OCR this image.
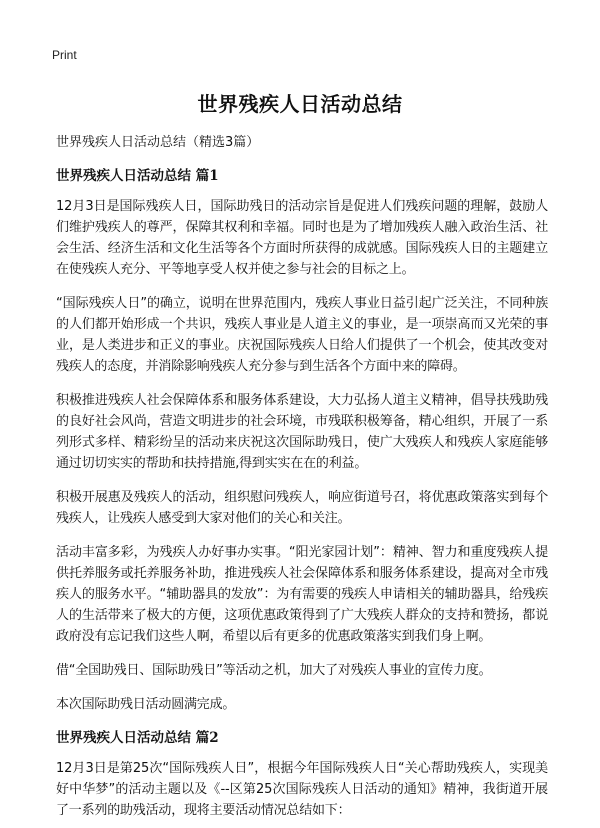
Print
世界残疾人日活动总结
世界残疾人日活动总结（精选3篇）
世界残疾人日活动总结 篇1

12月3日是国际残疾人日，国际助残日的活动宗旨是促进人们残疾问题的理解，鼓励人们维护残疾人的尊严，保障其权利和幸福。同时也是为了增加残疾人融入政治生活、社会生活、经济生活和文化生活等各个方面时所获得的成就感。国际残疾人日的主题建立在使残疾人充分、平等地享受人权并使之参与社会的目标之上。

“国际残疾人日”的确立，说明在世界范围内，残疾人事业日益引起广泛关注，不同种族的人们都开始形成一个共识，残疾人事业是人道主义的事业，是一项崇高而又光荣的事业，是人类进步和正义的事业。庆祝国际残疾人日给人们提供了一个机会，使其改变对残疾人的态度，并消除影响残疾人充分参与到生活各个方面中来的障碍。

积极推进残疾人社会保障体系和服务体系建设，大力弘扬人道主义精神，倡导扶残助残的良好社会风尚，营造文明进步的社会环境，市残联积极筹备，精心组织，开展了一系列形式多样、精彩纷呈的活动来庆祝这次国际助残日，使广大残疾人和残疾人家庭能够通过切切实实的帮助和扶持措施,得到实实在在的利益。

积极开展惠及残疾人的活动，组织慰问残疾人，响应街道号召，将优惠政策落实到每个残疾人，让残疾人感受到大家对他们的关心和关注。

活动丰富多彩，为残疾人办好事办实事。“阳光家园计划”：精神、智力和重度残疾人提供托养服务或托养服务补助，推进残疾人社会保障体系和服务体系建设，提高对全市残疾人的服务水平。“辅助器具的发放”：为有需要的残疾人申请相关的辅助器具，给残疾人的生活带来了极大的方便，这项优惠政策得到了广大残疾人群众的支持和赞扬，都说政府没有忘记我们这些人啊，希望以后有更多的优惠政策落实到我们身上啊。

借“全国助残日、国际助残日”等活动之机，加大了对残疾人事业的宣传力度。

本次国际助残日活动圆满完成。

世界残疾人日活动总结 篇2

12月3日是第25次“国际残疾人日”，根据今年国际残疾人日“关心帮助残疾人，实现美好中华梦”的活动主题以及《--区第25次国际残疾人日活动的通知》精神，我街道开展了一系列的助残活动，现将主要活动情况总结如下：
